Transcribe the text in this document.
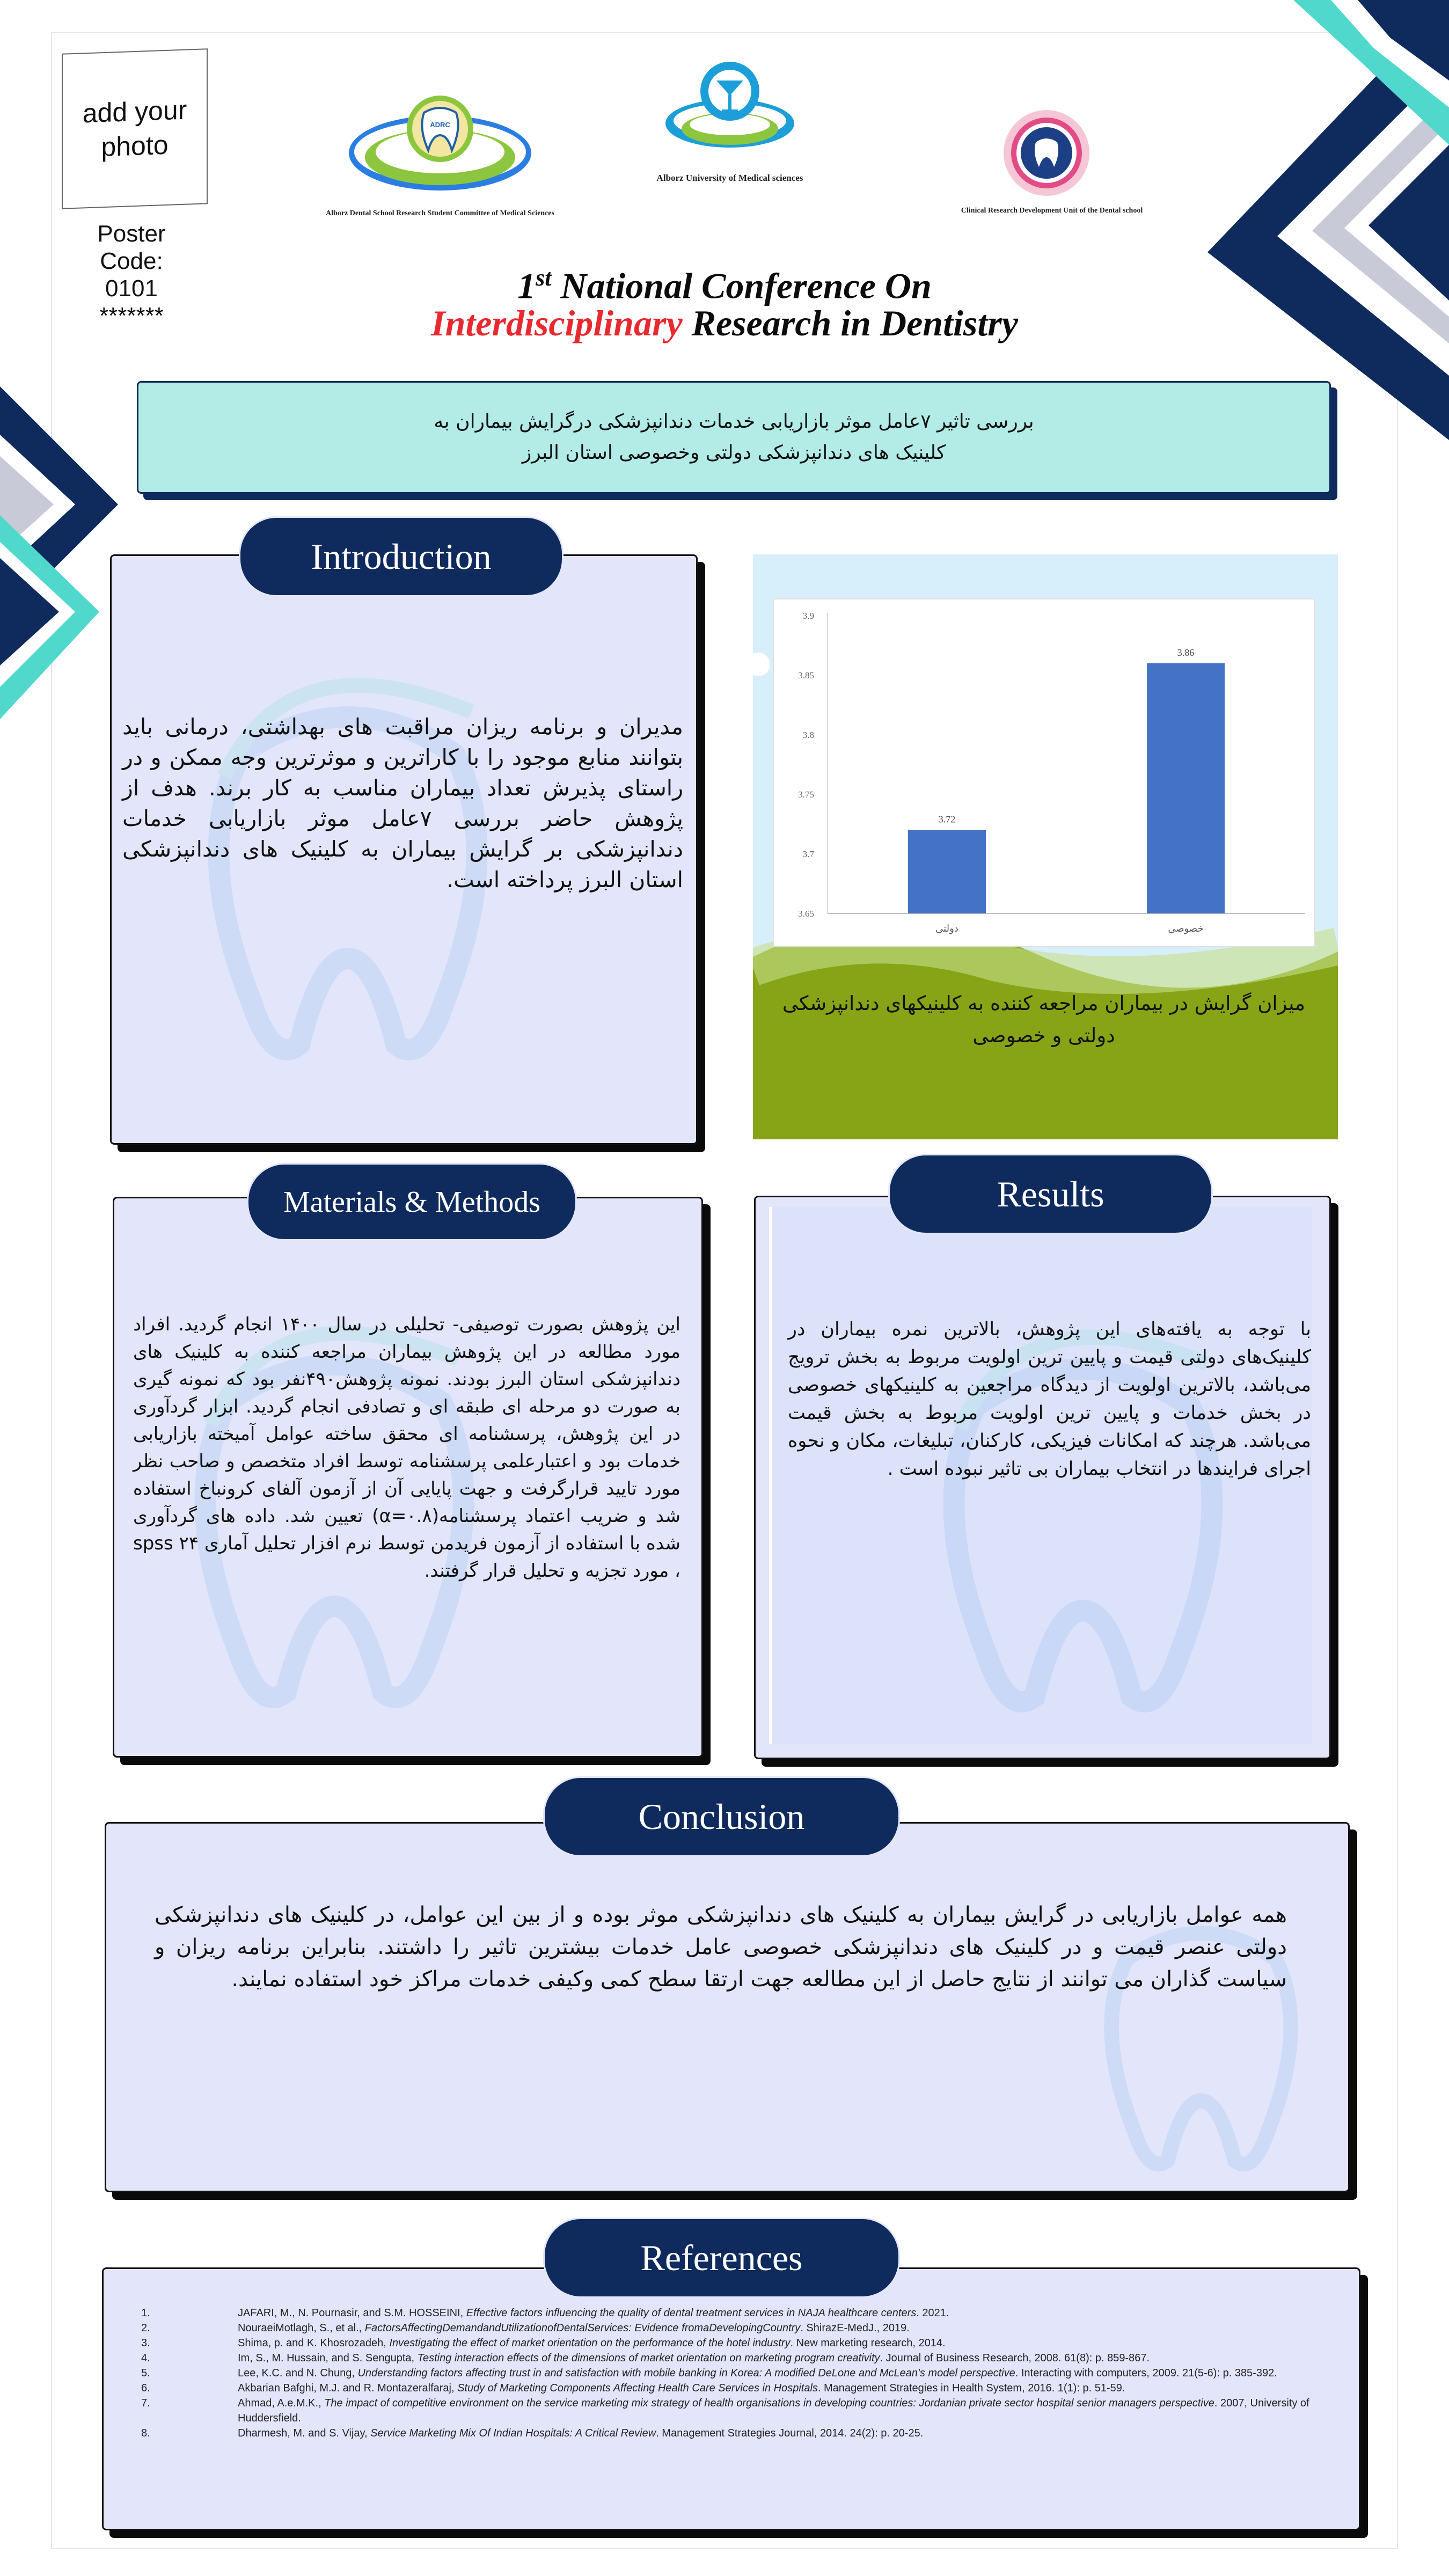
add your photo
Poster Code:
0101
*******
ADRC
Alborz Dental School Research Student Committee of Medical Sciences
Alborz University of Medical sciences
Clinical Research Development Unit of the Dental school
1st National Conference On
Interdisciplinary Research in Dentistry
بررسی تاثیر ۷عامل موثر بازاریابی خدمات دندانپزشکی درگرایش بیماران به کلینیک های دندانپزشکی دولتی وخصوصی استان البرز
مدیران و برنامه ریزان مراقبت های بهداشتی، درمانی باید بتوانند منابع موجود را با کاراترین و موثرترین وجه ممکن و در راستای پذیرش تعداد بیماران مناسب به کار برند. هدف از پژوهش حاضر بررسی ۷عامل موثر بازاریابی خدمات دندانپزشکی بر گرایش بیماران به کلینیک های دندانپزشکی استان البرز پرداخته است.
Introduction
3.65
3.7
3.75
3.8
3.85
3.9
3.72
دولتی
3.86
خصوصی
میزان گرایش در بیماران مراجعه کننده به کلینیکهای دندانپزشکی دولتی و خصوصی
این پژوهش بصورت توصیفی- تحلیلی در سال ۱۴۰۰ انجام گردید. افراد مورد مطالعه در این پژوهش بیماران مراجعه کننده به کلینیک های دندانپزشکی استان البرز بودند. نمونه پژوهش۴۹۰نفر بود که نمونه گیری به صورت دو مرحله ای طبقه ای و تصادفی انجام گردید. ابزار گردآوری در این پژوهش، پرسشنامه ای محقق ساخته عوامل آمیخته بازاریابی خدمات بود و اعتبارعلمی پرسشنامه توسط افراد متخصص و صاحب نظر مورد تایید قرارگرفت و جهت پایایی آن از آزمون آلفای کرونباخ استفاده شد و ضریب اعتماد پرسشنامه(α=۰.۸) تعیین شد. داده های گردآوری شده با استفاده از آزمون فریدمن توسط نرم افزار تحلیل آماری spss ۲۴ ، مورد تجزیه و تحلیل قرار گرفتند.
Materials & Methods
با توجه به یافته‌های این پژوهش، بالاترین نمره بیماران در کلینیک‌های دولتی قیمت و پایین ترین اولویت مربوط به بخش ترویج می‌باشد، بالاترین اولویت از دیدگاه مراجعین به کلینیکهای خصوصی در بخش خدمات و پایین ترین اولویت مربوط به بخش قیمت می‌باشد. هرچند که امکانات فیزیکی، کارکنان، تبلیغات، مکان و نحوه اجرای فرایندها در انتخاب بیماران بی تاثیر نبوده است .
Results
همه عوامل بازاریابی در گرایش بیماران به کلینیک های دندانپزشکی موثر بوده و از بین این عوامل، در کلینیک های دندانپزشکی دولتی عنصر قیمت و در کلینیک های دندانپزشکی خصوصی عامل خدمات بیشترین تاثیر را داشتند. بنابراین برنامه ریزان و سیاست گذاران می توانند از نتایج حاصل از این مطالعه جهت ارتقا سطح کمی وکیفی خدمات مراکز خود استفاده نمایند.
Conclusion
1.	JAFARI, M., N. Pournasir, and S.M. HOSSEINI, Effective factors influencing the quality of dental treatment services in NAJA healthcare centers. 2021.
2.	NouraeiMotlagh, S., et al., FactorsAffectingDemandandUtilizationofDentalServices: Evidence fromaDevelopingCountry. ShirazE-MedJ., 2019.
3.	Shima, p. and K. Khosrozadeh, Investigating the effect of market orientation on the performance of the hotel industry. New marketing research, 2014.
4.	Im, S., M. Hussain, and S. Sengupta, Testing interaction effects of the dimensions of market orientation on marketing program creativity. Journal of Business Research, 2008. 61(8): p. 859-867.
5.	Lee, K.C. and N. Chung, Understanding factors affecting trust in and satisfaction with mobile banking in Korea: A modified DeLone and McLean's model perspective. Interacting with computers, 2009. 21(5-6): p. 385-392.
6.	Akbarian Bafghi, M.J. and R. Montazeralfaraj, Study of Marketing Components Affecting Health Care Services in Hospitals. Management Strategies in Health System, 2016. 1(1): p. 51-59.
7.	Ahmad, A.e.M.K., The impact of competitive environment on the service marketing mix strategy of health organisations in developing countries: Jordanian private sector hospital senior managers perspective. 2007, University of Huddersfield.
8.	Dharmesh, M. and S. Vijay, Service Marketing Mix Of Indian Hospitals: A Critical Review. Management Strategies Journal, 2014. 24(2): p. 20-25.
References
